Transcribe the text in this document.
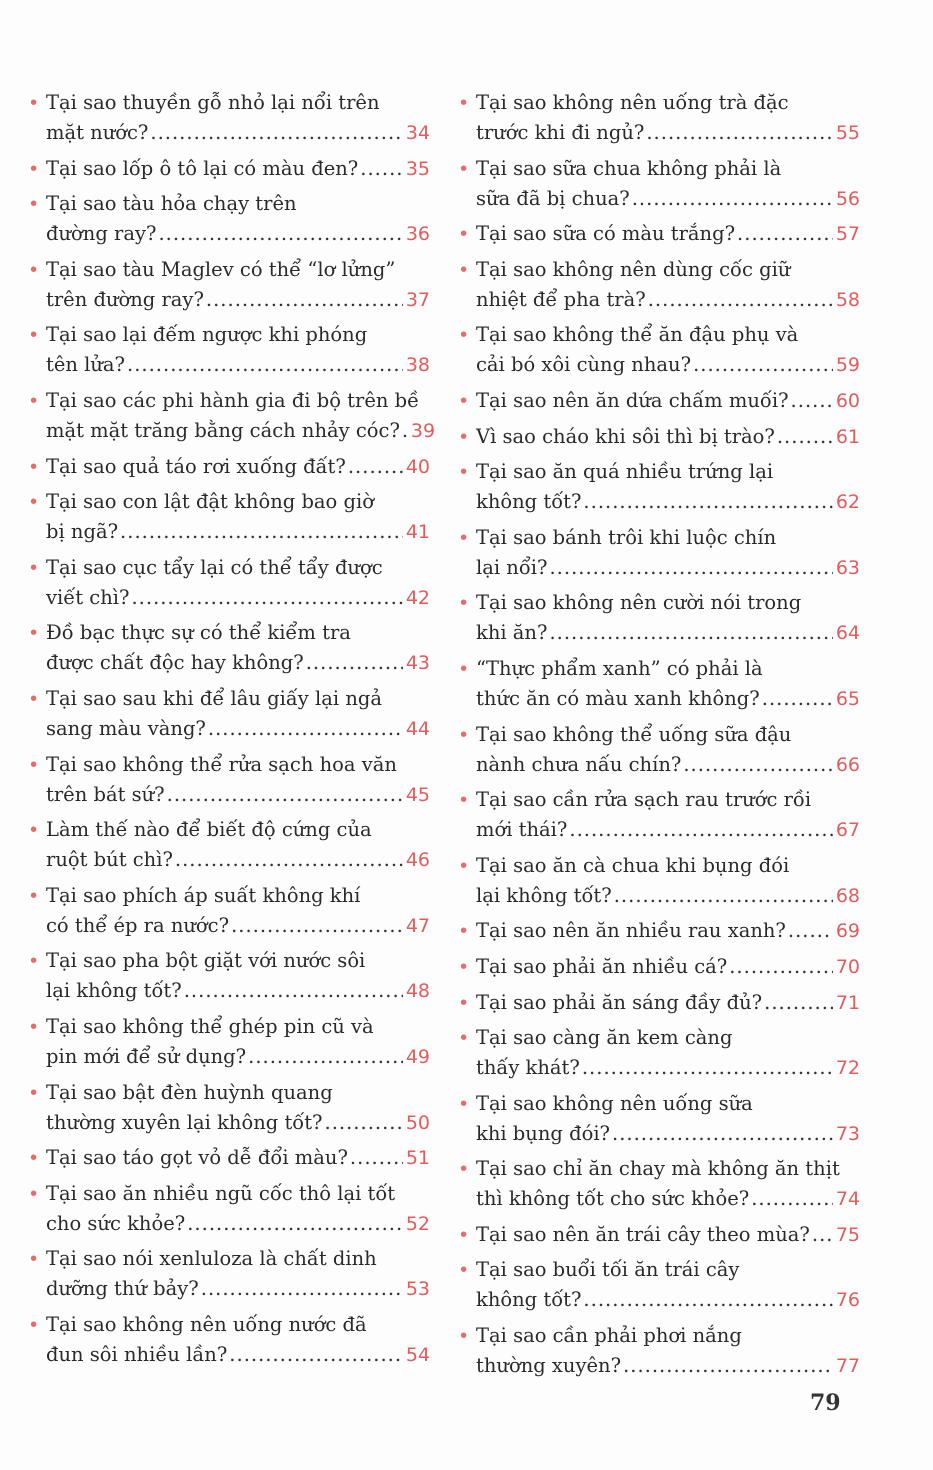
• Tại sao thuyền gỗ nhỏ lại nổi trên
mặt nước? .....	34
• Tại sao lốp ô tô lại có màu đen? .....	35
• Tại sao tàu hỏa chạy trên
đường ray? .....	36
• Tại sao tàu Maglev có thể “lơ lửng”
trên đường ray? .....	37
• Tại sao lại đếm ngược khi phóng
tên lửa? .....	38
• Tại sao các phi hành gia đi bộ trên bề
mặt mặt trăng bằng cách nhảy cóc? ..... 39
• Tại sao quả táo rơi xuống đất? .....	40
• Tại sao con lật đật không bao giờ
bị ngã? .....	41
• Tại sao cục tẩy lại có thể tẩy được
viết chì? .....	42
• Đồ bạc thực sự có thể kiểm tra
được chất độc hay không? .....	43
• Tại sao sau khi để lâu giấy lại ngả
sang màu vàng? .....	44
• Tại sao không thể rửa sạch hoa văn
trên bát sứ? .....	45
• Làm thế nào để biết độ cứng của
ruột bút chì? .....	46
• Tại sao phích áp suất không khí
có thể ép ra nước? .....	47
• Tại sao pha bột giặt với nước sôi
lại không tốt? .....	48
• Tại sao không thể ghép pin cũ và
pin mới để sử dụng? .....	49
• Tại sao bật đèn huỳnh quang
thường xuyên lại không tốt? .....	50
• Tại sao táo gọt vỏ dễ đổi màu? .....	51
• Tại sao ăn nhiều ngũ cốc thô lại tốt
cho sức khỏe? .....	52
• Tại sao nói xenluloza là chất dinh
dưỡng thứ bảy? .....	53
• Tại sao không nên uống nước đã
đun sôi nhiều lần? .....	54
• Tại sao không nên uống trà đặc
trước khi đi ngủ? .....	55
• Tại sao sữa chua không phải là
sữa đã bị chua? .....	56
• Tại sao sữa có màu trắng? .....	57
• Tại sao không nên dùng cốc giữ
nhiệt để pha trà? .....	58
• Tại sao không thể ăn đậu phụ và
cải bó xôi cùng nhau? .....	59
• Tại sao nên ăn dứa chấm muối? ..... 60
• Vì sao cháo khi sôi thì bị trào? .....	61
• Tại sao ăn quá nhiều trứng lại
không tốt? .....	62
• Tại sao bánh trôi khi luộc chín
lại nổi? .....	63
• Tại sao không nên cười nói trong
khi ăn? .....	64
• “Thực phẩm xanh” có phải là
thức ăn có màu xanh không? .....	65
• Tại sao không thể uống sữa đậu
nành chưa nấu chín? .....	66
• Tại sao cần rửa sạch rau trước rồi
mới thái? .....	67
• Tại sao ăn cà chua khi bụng đói
lại không tốt? .....	68
• Tại sao nên ăn nhiều rau xanh? .....	69
• Tại sao phải ăn nhiều cá? .....	70
• Tại sao phải ăn sáng đầy đủ? .....	71
• Tại sao càng ăn kem càng
thấy khát? .....	72
• Tại sao không nên uống sữa
khi bụng đói? .....	73
• Tại sao chỉ ăn chay mà không ăn thịt
thì không tốt cho sức khỏe? .....	74
• Tại sao nên ăn trái cây theo mùa? ..... 75
• Tại sao buổi tối ăn trái cây
không tốt? .....	76
• Tại sao cần phải phơi nắng
thường xuyên? .....	77
79
